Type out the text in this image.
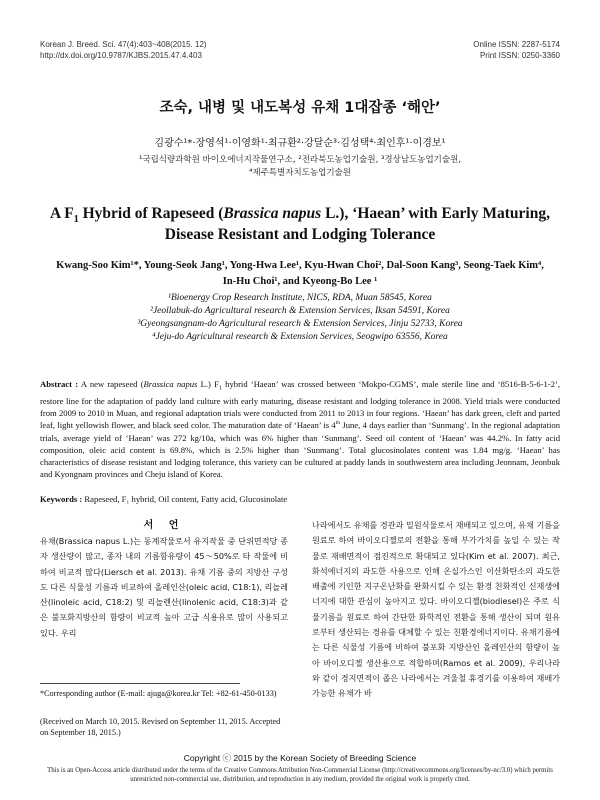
Korean J. Breed. Sci. 47(4):403~408(2015. 12)
http://dx.doi.org/10.9787/KJBS.2015.47.4.403
Online ISSN: 2287-5174
Print ISSN: 0250-3360
조숙, 내병 및 내도복성 유채 1대잡종 ‘해안’
김광수¹*·장영석¹·이영화¹·최규환²·강달순³·김성택⁴·최인후¹·이경보¹
¹국립식량과학원 바이오에너지작물연구소, ²전라북도농업기술원, ³경상남도농업기술원,
⁴제주특별자치도농업기술원
A $F_1$ Hybrid of Rapeseed (Brassica napus L.), ‘Haean’ with Early Maturing,
Disease Resistant and Lodging Tolerance
Kwang-Soo Kim¹*, Young-Seok Jang¹, Yong-Hwa Lee¹, Kyu-Hwan Choi², Dal-Soon Kang³, Seong-Taek Kim⁴,
In-Hu Choi¹, and Kyeong-Bo Lee ¹
¹Bioenergy Crop Research Institute, NICS, RDA, Muan 58545, Korea
²Jeollabuk-do Agricultural research & Extension Services, Iksan 54591, Korea
³Gyeongsangnam-do Agricultural research & Extension Services, Jinju 52733, Korea
⁴Jeju-do Agricultural research & Extension Services, Seogwipo 63556, Korea
Abstract : A new rapeseed (Brassica napus L.) $F_1$ hybrid ‘Haean’ was crossed between ‘Mokpo-CGMS’, male sterile line and ‘8516-B-5-6-1-2’, restore line for the adaptation of paddy land culture with early maturing, disease resistant and lodging tolerance in 2008. Yield trials were conducted from 2009 to 2010 in Muan, and regional adaptation trials were conducted from 2011 to 2013 in four regions. ‘Haean’ has dark green, cleft and parted leaf, light yellowish flower, and black seed color. The maturation date of ‘Haean’ is 4th June, 4 days earlier than ‘Sunmang’. In the regional adaptation trials, average yield of ‘Haean’ was 272 kg/10a, which was 6% higher than ‘Sunmang’. Seed oil content of ‘Haean’ was 44.2%. In fatty acid composition, oleic acid content is 69.8%, which is 2.5% higher than ‘Sunmang’. Total glucosinolates content was 1.84 mg/g. ‘Haean’ has characteristics of disease resistant and lodging tolerance, this variety can be cultured at paddy lands in southwestern area including Jeonnam, Jeonbuk and Kyongnam provinces and Cheju island of Korea.
Keywords : Rapeseed, F₁ hybrid, Oil content, Fatty acid, Glucosinolate
서 언
유채(Brassica napus L.)는 동계작물로서 유지작물 중 단위면적당 종자 생산량이 많고, 종자 내의 기름함유량이 45～50%로 타 작물에 비하여 비교적 많다(Liersch et al. 2013). 유채 기름 중의 지방산 구성도 다른 식물성 기름과 비교하여 올레인산(oleic acid, C18:1), 리놀레산(linoleic acid, C18:2) 및 리놀렌산(linolenic acid, C18:3)과 같은 불포화지방산의 함량이 비교적 높아 고급 식용유로 많이 사용되고 있다. 우리
나라에서도 유채를 경관과 밀원식물로서 재배되고 있으며, 유채 기름을 원료로 하여 바이오디젤로의 전환을 통해 부가가치를 높일 수 있는 작물로 재배면적이 점진적으로 확대되고 있다(Kim et al. 2007). 최근, 화석에너지의 과도한 사용으로 인해 온실가스인 이산화탄소의 과도한 배출에 기인한 지구온난화를 완화시킬 수 있는 환경 친화적인 신재생에너지에 대한 관심이 높아지고 있다. 바이오디젤(biodiesel)은 주로 식물기름을 원료로 하여 간단한 화학적인 전환을 통해 생산이 되며 원유로부터 생산되는 경유를 대체할 수 있는 친환경에너지이다. 유채기름에는 다른 식물성 기름에 비하여 불포화 지방산인 올레인산의 함량이 높아 바이오디젤 생산용으로 적합하며(Ramos et al. 2009), 우리나라와 같이 경지면적이 좁은 나라에서는 겨울철 휴경기를 이용하여 재배가 가능한 유채가 바
*Corresponding author (E-mail: ajuga@korea.kr Tel: +82-61-450-0133)
(Received on March 10, 2015. Revised on September 11, 2015. Accepted on September 18, 2015.)
Copyright ⓒ 2015 by the Korean Society of Breeding Science
This is an Open-Access article distributed under the terms of the Creative Commons Attribution Non-Commercial License (http://creativecommons.org/licenses/by-nc/3.0) which permits unrestricted non-commercial use, distribution, and reproduction in any medium, provided the original work is properly cited.
